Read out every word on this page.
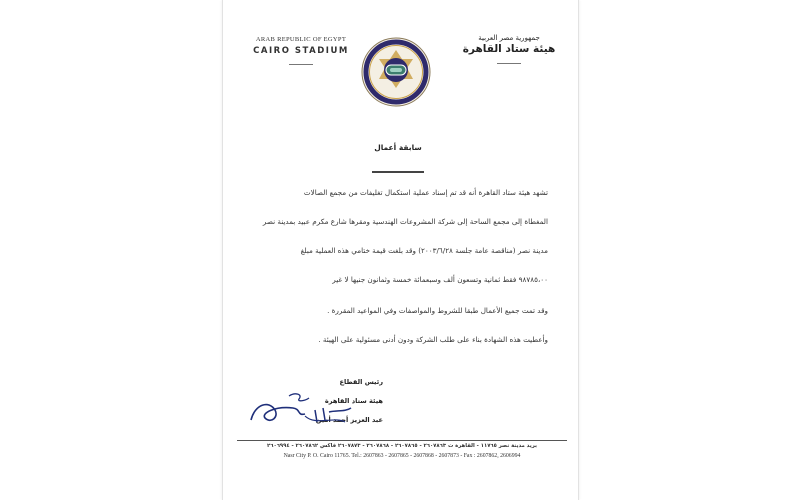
ARAB REPUBLIC OF EGYPT
CAIRO STADIUM
جمهورية مصر العربية
هيئة ستاد القاهرة
سابقة أعمال
تشهد هيئة ستاد القاهرة أنه قد تم إسناد عملية استكمال تغليفات من مجمع الصالات
المغطاة إلى مجمع الساحة إلى شركة المشروعات الهندسية ومقرها شارع مكرم عبيد بمدينة نصر
مدينة نصر (مناقصة عامة جلسة ٢٠٠٣/٦/٢٨) وقد بلغت قيمة ختامي هذه العملية مبلغ
٩٨٧٨٥،٠٠ فقط ثمانية وتسعون ألف وسبعمائة خمسة وثمانون جنيها لا غير
وقد تمت جميع الأعمال طبقا للشروط والمواصفات وفي المواعيد المقررة .
وأعطيت هذه الشهادة بناء على طلب الشركة ودون أدنى مسئولية على الهيئة .
رئيس القطاع
هيئة ستاد القاهرة
عبد العزيز أحمد أمين
بريد مدينة نصر ١١٧٦٥ - القاهرة ت ٢٦٠٧٨٦٣ - ٢٦٠٧٨٦٥ - ٢٦٠٧٨٦٨ - ٢٦٠٧٨٧٣ فاكس ٢٦٠٧٨٦٢ - ٢٦٠٦٩٩٤
Nasr City P. O. Cairo 11765. Tel.: 2607863 - 2607865 - 2607868 - 2607873 - Fax : 2607862, 2606994
